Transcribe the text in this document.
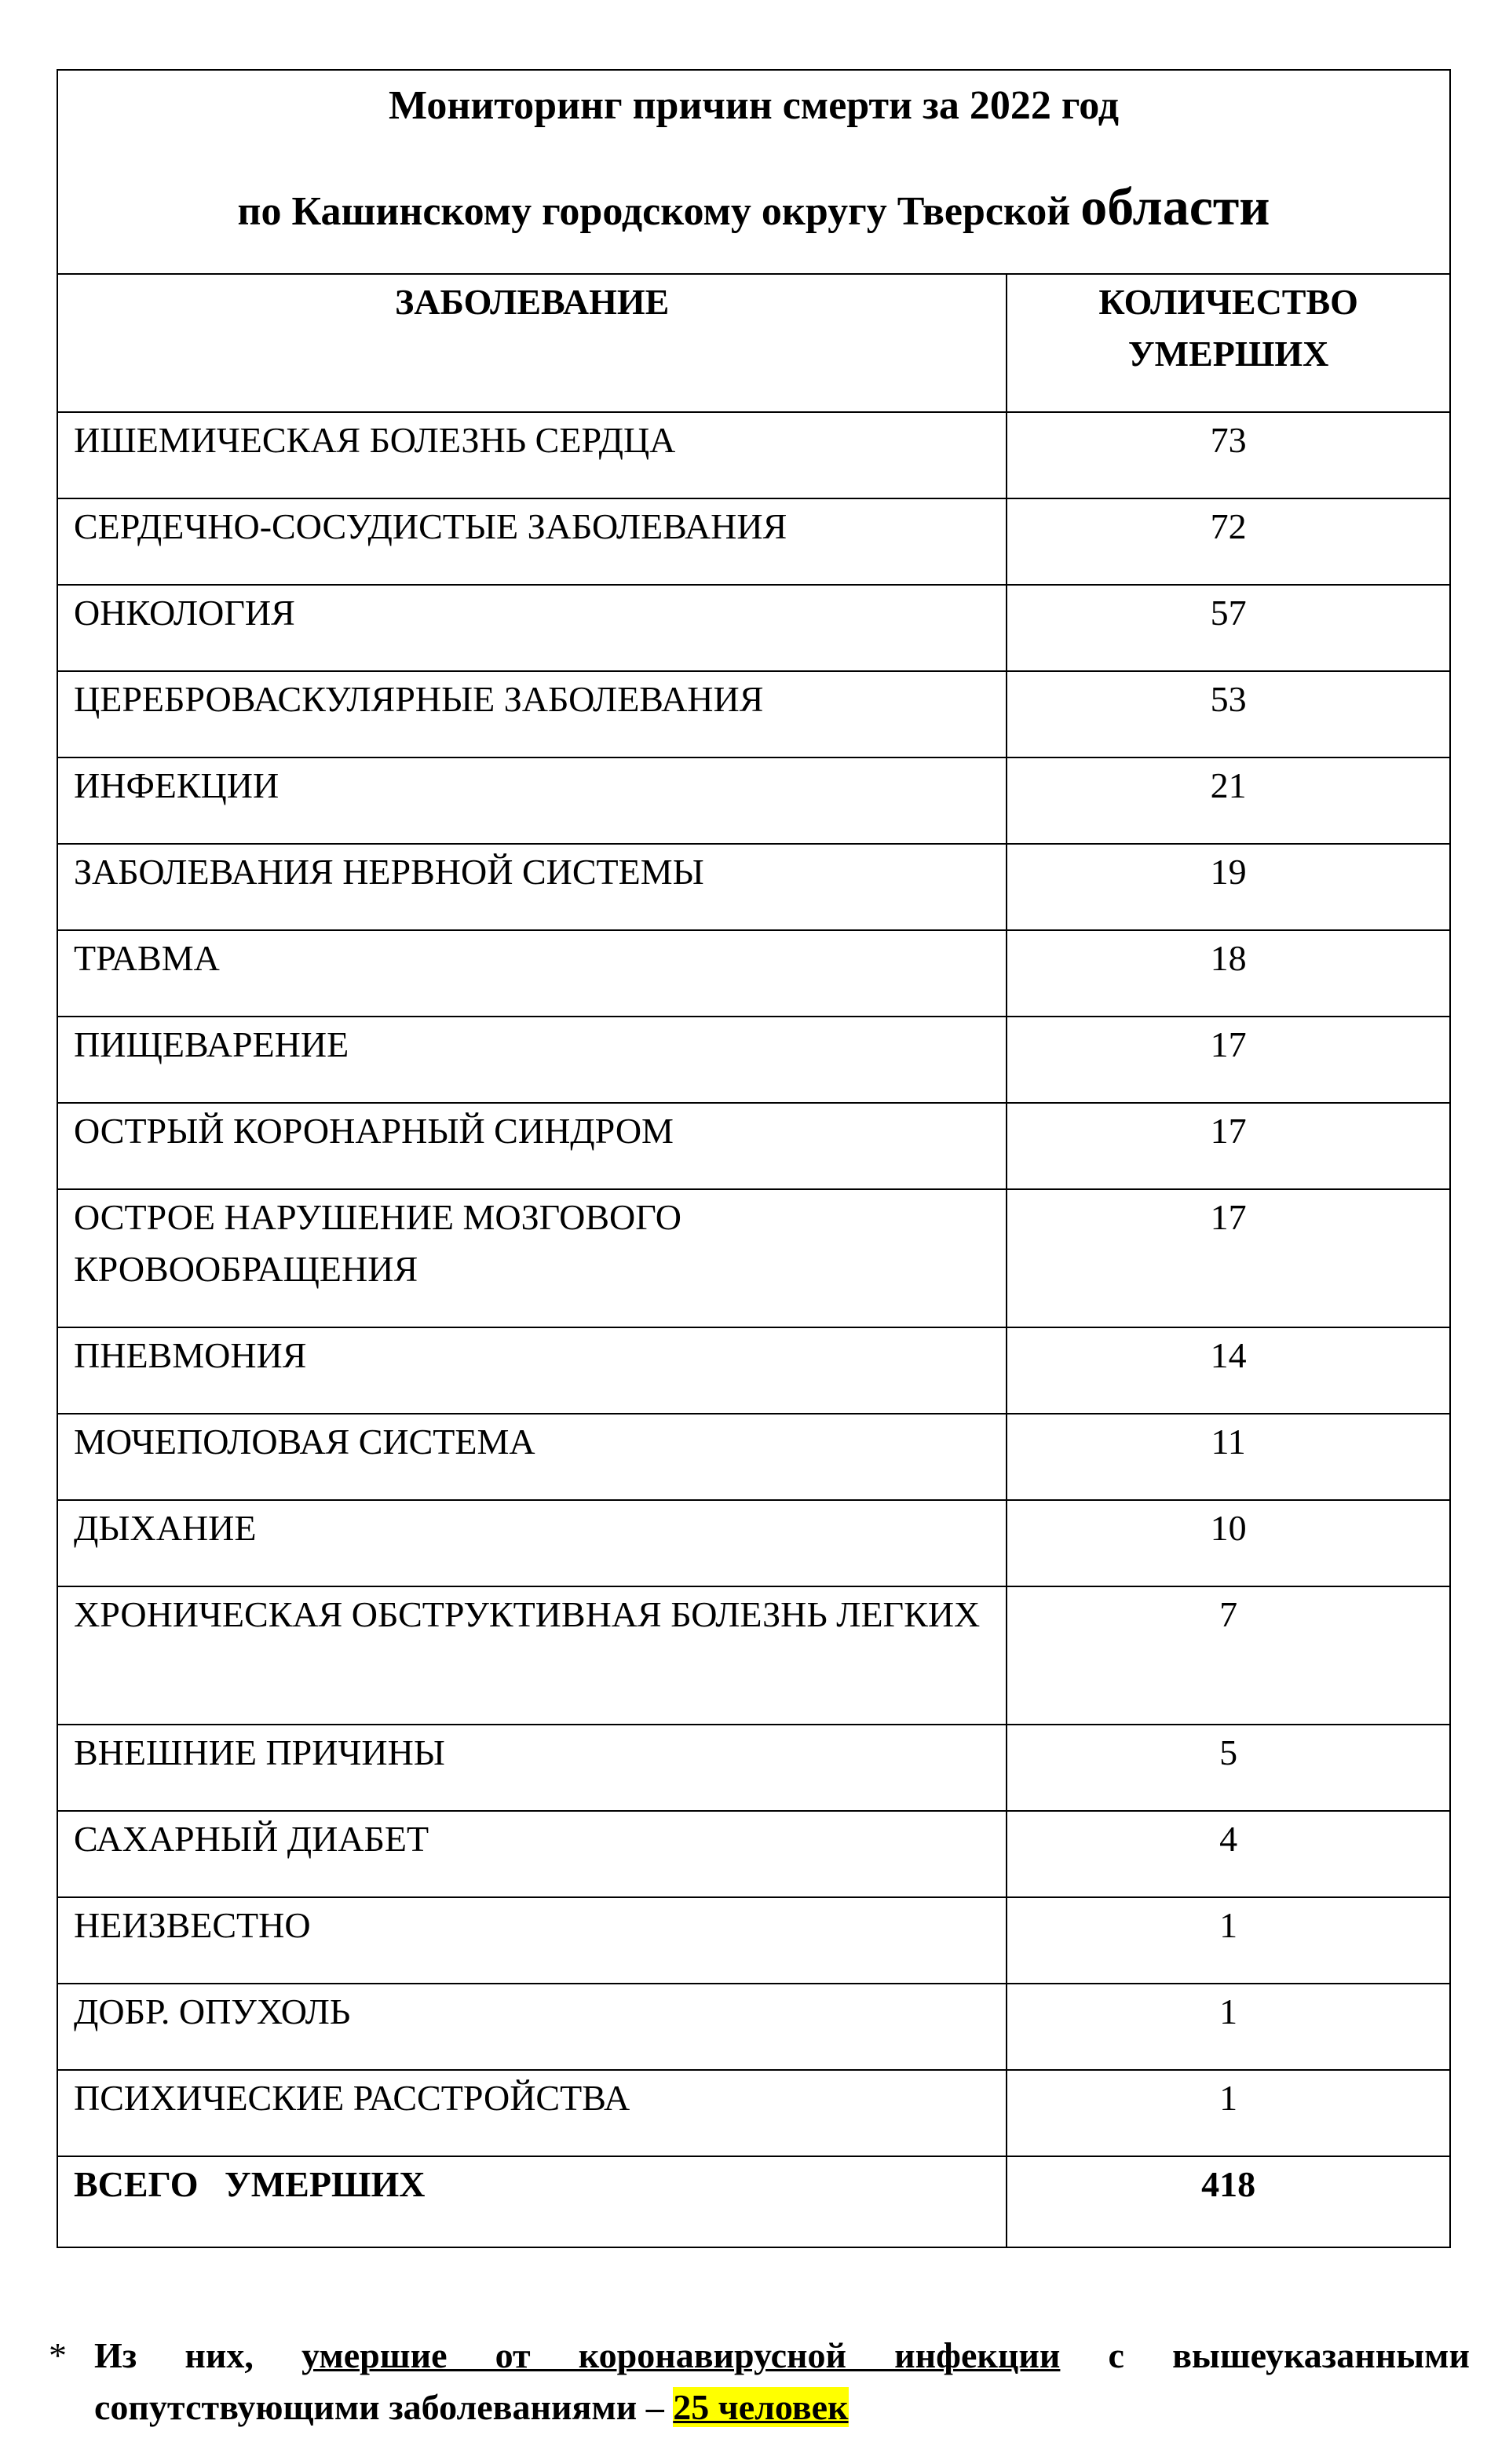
Мониторинг причин смерти за 2022 год
по Кашинскому городскому округу Тверской области	

ЗАБОЛЕВАНИЕ	КОЛИЧЕСТВО
УМЕРШИХ
ИШЕМИЧЕСКАЯ БОЛЕЗНЬ СЕРДЦА	73
СЕРДЕЧНО-СОСУДИСТЫЕ ЗАБОЛЕВАНИЯ	72
ОНКОЛОГИЯ	57
ЦЕРЕБРОВАСКУЛЯРНЫЕ ЗАБОЛЕВАНИЯ	53
ИНФЕКЦИИ	21
ЗАБОЛЕВАНИЯ НЕРВНОЙ СИСТЕМЫ	19
ТРАВМА	18
ПИЩЕВАРЕНИЕ	17
ОСТРЫЙ КОРОНАРНЫЙ СИНДРОМ	17
ОСТРОЕ НАРУШЕНИЕ МОЗГОВОГО КРОВООБРАЩЕНИЯ	17
ПНЕВМОНИЯ	14
МОЧЕПОЛОВАЯ СИСТЕМА	11
ДЫХАНИЕ	10
ХРОНИЧЕСКАЯ ОБСТРУКТИВНАЯ БОЛЕЗНЬ ЛЕГКИХ	7
ВНЕШНИЕ ПРИЧИНЫ	5
САХАРНЫЙ ДИАБЕТ	4
НЕИЗВЕСТНО	1
ДОБР. ОПУХОЛЬ	1
ПСИХИЧЕСКИЕ РАССТРОЙСТВА	1
ВСЕГО УМЕРШИХ	418
* Из них, умершие от коронавирусной инфекции с вышеуказанными
сопутствующими заболеваниями – 25 человек
